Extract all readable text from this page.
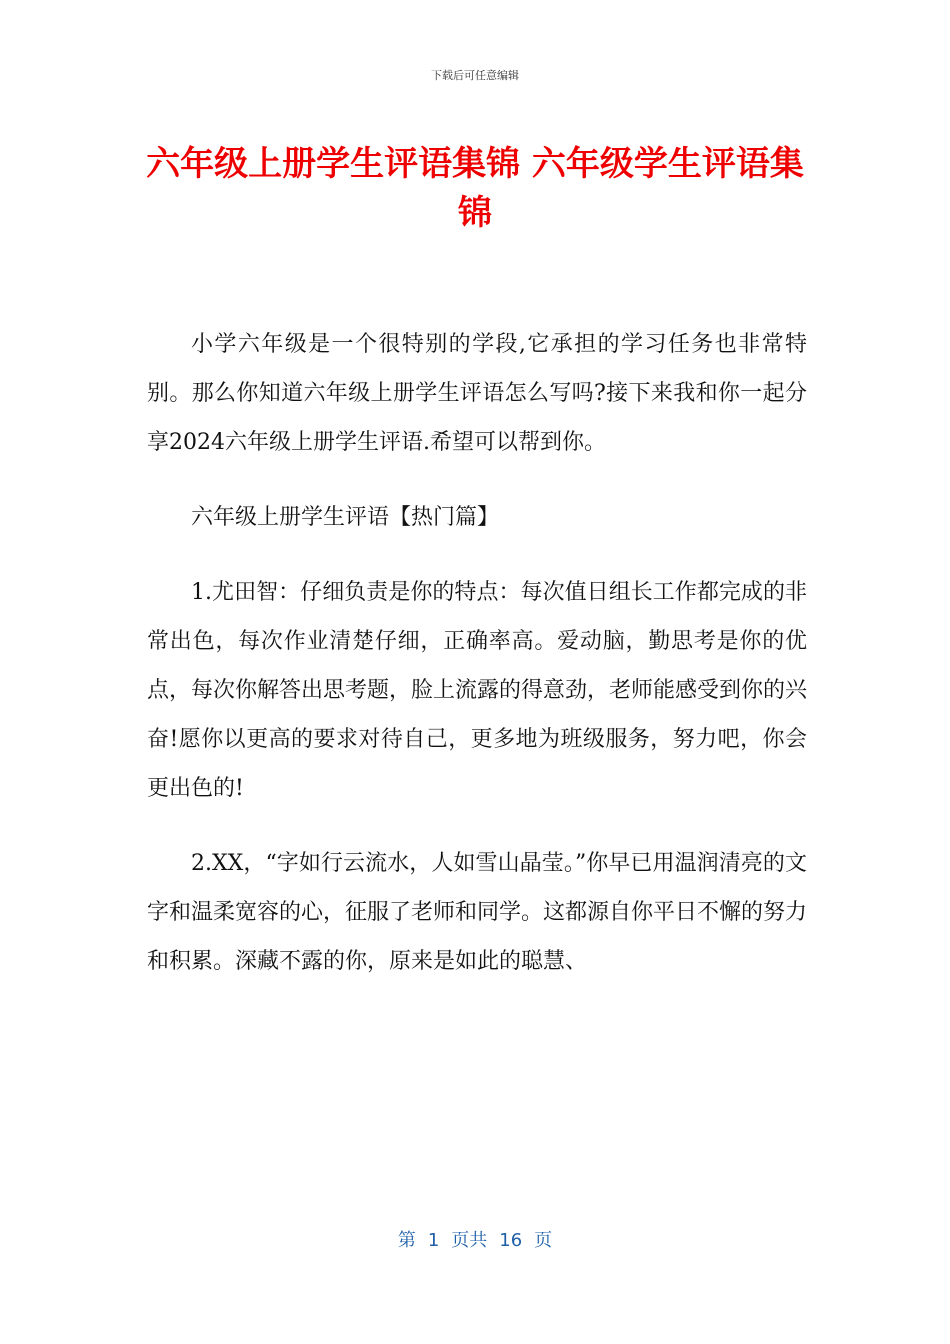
下载后可任意编辑
六年级上册学生评语集锦 六年级学生评语集锦

小学六年级是一个很特别的学段,它承担的学习任务也非常特别。那么你知道六年级上册学生评语怎么写吗?接下来我和你一起分享2024六年级上册学生评语.希望可以帮到你。

六年级上册学生评语【热门篇】

1.尤田智：仔细负责是你的特点：每次值日组长工作都完成的非常出色，每次作业清楚仔细，正确率高。爱动脑，勤思考是你的优点，每次你解答出思考题，脸上流露的得意劲，老师能感受到你的兴奋!愿你以更高的要求对待自己，更多地为班级服务，努力吧，你会更出色的!

2.XX，“字如行云流水，人如雪山晶莹。”你早已用温润清亮的文字和温柔宽容的心，征服了老师和同学。这都源自你平日不懈的努力和积累。深藏不露的你，原来是如此的聪慧、

第 1 页共 16 页
